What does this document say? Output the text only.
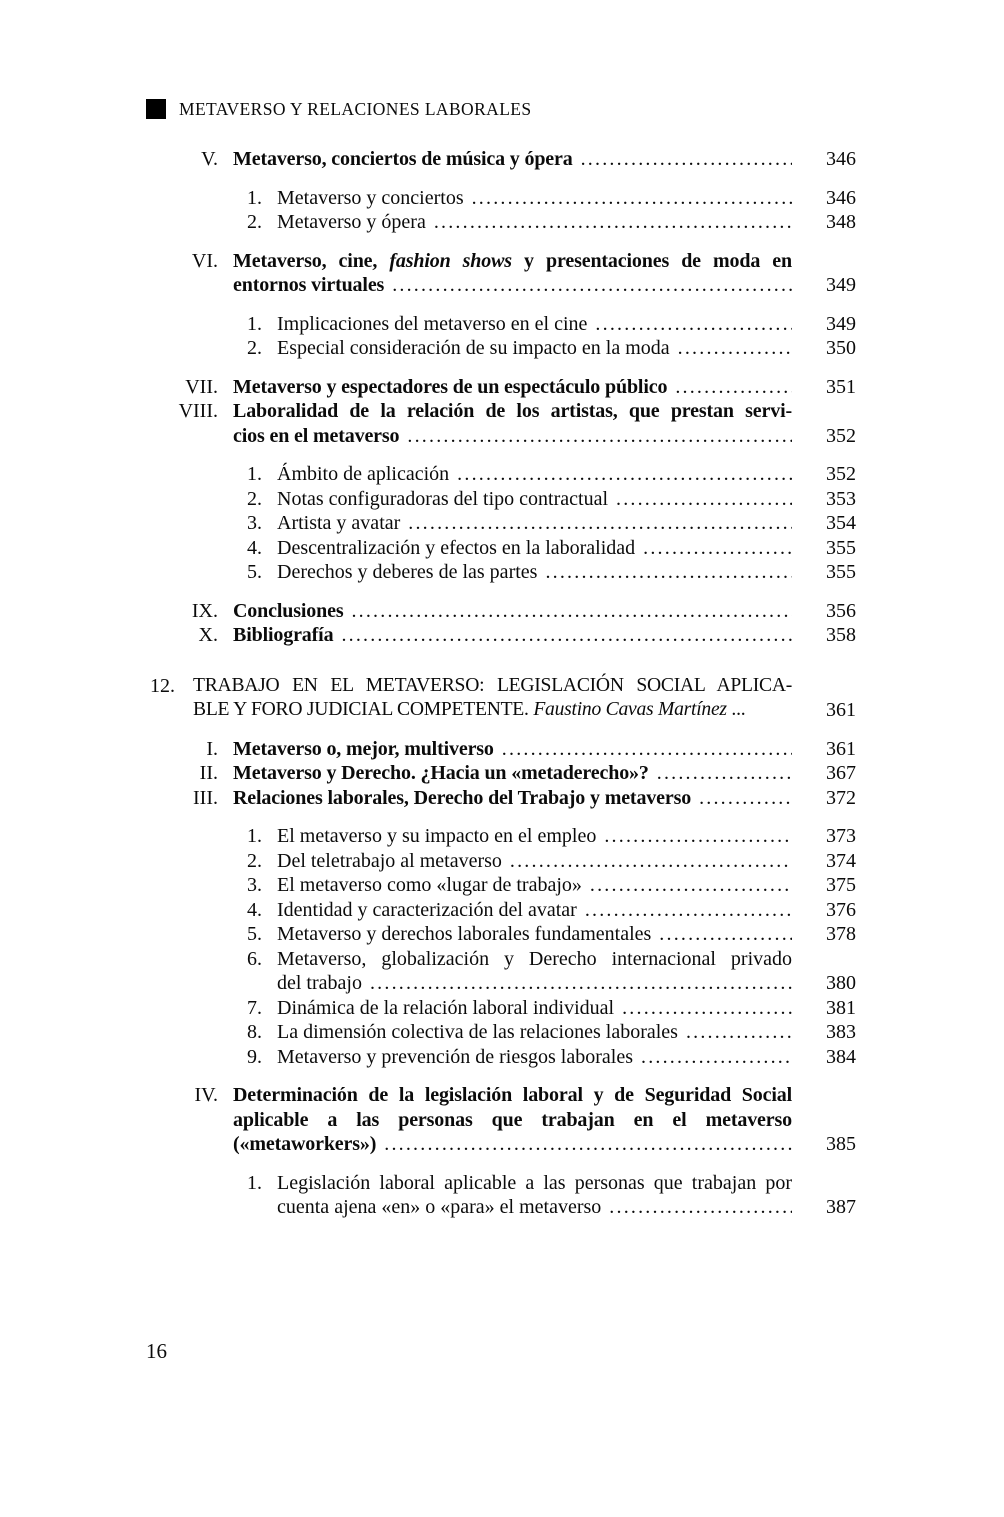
METAVERSO Y RELACIONES LABORALES
V. Metaverso, conciertos de música y ópera .....	346
1. Metaverso y conciertos .....	346
2. Metaverso y ópera .....	348
VI. Metaverso, cine, fashion shows y presentaciones de moda en
entornos virtuales .....	349
1. Implicaciones del metaverso en el cine .....	349
2. Especial consideración de su impacto en la moda .....	350
VII. Metaverso y espectadores de un espectáculo público .....	351
VIII. Laboralidad de la relación de los artistas, que prestan servi-
cios en el metaverso .....	352
1. Ámbito de aplicación .....	352
2. Notas configuradoras del tipo contractual .....	353
3. Artista y avatar .....	354
4. Descentralización y efectos en la laboralidad .....	355
5. Derechos y deberes de las partes .....	355
IX. Conclusiones .....	356
X. Bibliografía .....	358
12. TRABAJO EN EL METAVERSO: LEGISLACIÓN SOCIAL APLICA-
BLE Y FORO JUDICIAL COMPETENTE. Faustino Cavas Martínez ...	361
I. Metaverso o, mejor, multiverso .....	361
II. Metaverso y Derecho. ¿Hacia un «metaderecho»? .....	367
III. Relaciones laborales, Derecho del Trabajo y metaverso .....	372
1. El metaverso y su impacto en el empleo .....	373
2. Del teletrabajo al metaverso .....	374
3. El metaverso como «lugar de trabajo» .....	375
4. Identidad y caracterización del avatar .....	376
5. Metaverso y derechos laborales fundamentales .....	378
6. Metaverso, globalización y Derecho internacional privado
del trabajo .....	380
7. Dinámica de la relación laboral individual .....	381
8. La dimensión colectiva de las relaciones laborales .....	383
9. Metaverso y prevención de riesgos laborales .....	384
IV. Determinación de la legislación laboral y de Seguridad Social
aplicable a las personas que trabajan en el metaverso
(«metaworkers») .....	385
1. Legislación laboral aplicable a las personas que trabajan por
cuenta ajena «en» o «para» el metaverso .....	387
16
